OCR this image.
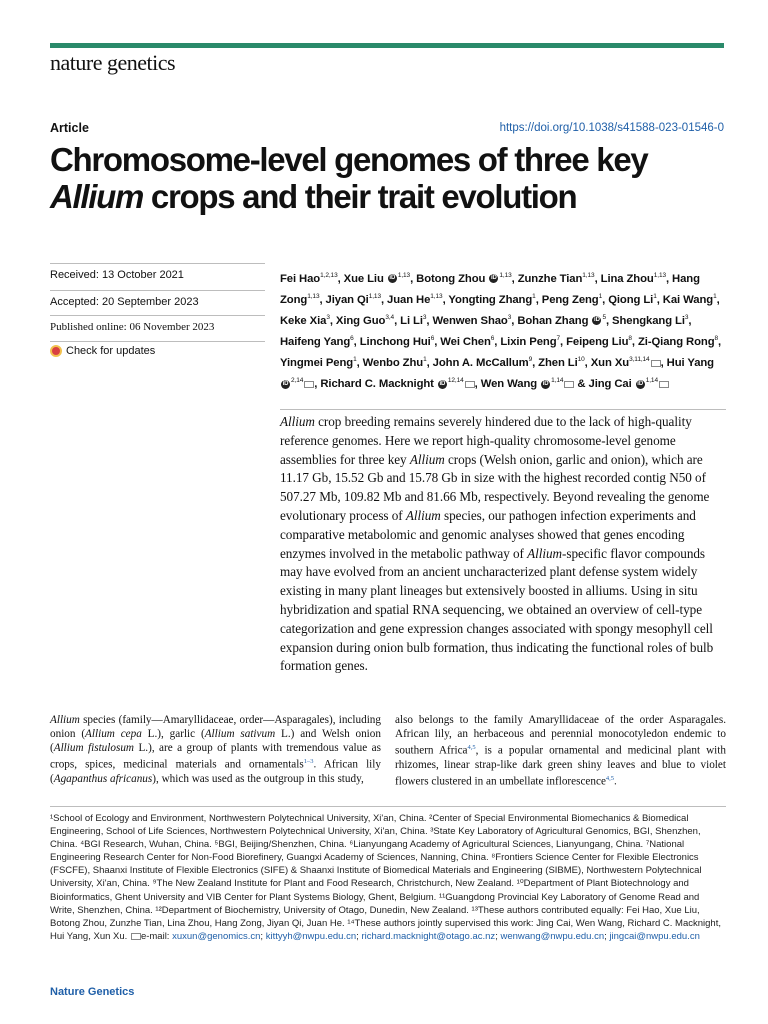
nature genetics
Article	https://doi.org/10.1038/s41588-023-01546-0
Chromosome-level genomes of three key
Allium crops and their trait evolution
Received: 13 October 2021
Accepted: 20 September 2023
Published online: 06 November 2023
Check for updates
Fei Hao$^{1,2,13}$, Xue Liu iD $^{1,13}$, Botong Zhou iD $^{1,13}$, Zunzhe Tian$^{1,13}$, Lina Zhou$^{1,13}$, Hang Zong$^{1,13}$, Jiyan Qi$^{1,13}$, Juan He$^{1,13}$, Yongting Zhang$^1$, Peng Zeng$^1$, Qiong Li$^1$, Kai Wang$^1$, Keke Xia$^3$, Xing Guo$^{3,4}$, Li Li$^3$, Wenwen Shao$^3$, Bohan Zhang iD $^5$, Shengkang Li$^3$, Haifeng Yang$^6$, Linchong Hui$^6$, Wei Chen$^6$, Lixin Peng$^7$, Feipeng Liu$^8$, Zi-Qiang Rong$^8$, Yingmei Peng$^1$, Wenbo Zhu$^1$, John A. McCallum$^9$, Zhen Li$^{10}$, Xun Xu$^{3,11,14}$ , Hui Yang iD $^{2,14}$ , Richard C. Macknight iD $^{12,14}$ , Wen Wang iD $^{1,14}$ & Jing Cai iD $^{1,14}$

Allium crop breeding remains severely hindered due to the lack of high-quality reference genomes. Here we report high-quality chromosome-level genome assemblies for three key Allium crops (Welsh onion, garlic and onion), which are 11.17 Gb, 15.52 Gb and 15.78 Gb in size with the highest recorded contig N50 of 507.27 Mb, 109.82 Mb and 81.66 Mb, respectively. Beyond revealing the genome evolutionary process of Allium species, our pathogen infection experiments and comparative metabolomic and genomic analyses showed that genes encoding enzymes involved in the metabolic pathway of Allium-specific flavor compounds may have evolved from an ancient uncharacterized plant defense system widely existing in many plant lineages but extensively boosted in alliums. Using in situ hybridization and spatial RNA sequencing, we obtained an overview of cell-type categorization and gene expression changes associated with spongy mesophyll cell expansion during onion bulb formation, thus indicating the functional roles of bulb formation genes.

Allium species (family—Amaryllidaceae, order—Asparagales), including onion (Allium cepa L.), garlic (Allium sativum L.) and Welsh onion (Allium fistulosum L.), are a group of plants with tremendous value as crops, spices, medicinal materials and ornamentals$^{1-3}$. African lily (Agapanthus africanus), which was used as the outgroup in this study,

also belongs to the family Amaryllidaceae of the order Asparagales. African lily, an herbaceous and perennial monocotyledon endemic to southern Africa$^{4,5}$, is a popular ornamental and medicinal plant with rhizomes, linear strap-like dark green shiny leaves and blue to violet flowers clustered in an umbellate inflorescence$^{4,5}$.

¹School of Ecology and Environment, Northwestern Polytechnical University, Xi'an, China. ²Center of Special Environmental Biomechanics & Biomedical Engineering, School of Life Sciences, Northwestern Polytechnical University, Xi'an, China. ³State Key Laboratory of Agricultural Genomics, BGI, Shenzhen, China. ⁴BGI Research, Wuhan, China. ⁵BGI, Beijing/Shenzhen, China. ⁶Lianyungang Academy of Agricultural Sciences, Lianyungang, China. ⁷National Engineering Research Center for Non-Food Biorefinery, Guangxi Academy of Sciences, Nanning, China. ⁸Frontiers Science Center for Flexible Electronics (FSCFE), Shaanxi Institute of Flexible Electronics (SIFE) & Shaanxi Institute of Biomedical Materials and Engineering (SIBME), Northwestern Polytechnical University, Xi'an, China. ⁹The New Zealand Institute for Plant and Food Research, Christchurch, New Zealand. ¹⁰Department of Plant Biotechnology and Bioinformatics, Ghent University and VIB Center for Plant Systems Biology, Ghent, Belgium. ¹¹Guangdong Provincial Key Laboratory of Genome Read and Write, Shenzhen, China. ¹²Department of Biochemistry, University of Otago, Dunedin, New Zealand. ¹³These authors contributed equally: Fei Hao, Xue Liu, Botong Zhou, Zunzhe Tian, Lina Zhou, Hang Zong, Jiyan Qi, Juan He. ¹⁴These authors jointly supervised this work: Jing Cai, Wen Wang, Richard C. Macknight, Hui Yang, Xun Xu. e-mail: xuxun@genomics.cn; kittyyh@nwpu.edu.cn; richard.macknight@otago.ac.nz; wenwang@nwpu.edu.cn; jingcai@nwpu.edu.cn
Nature Genetics
